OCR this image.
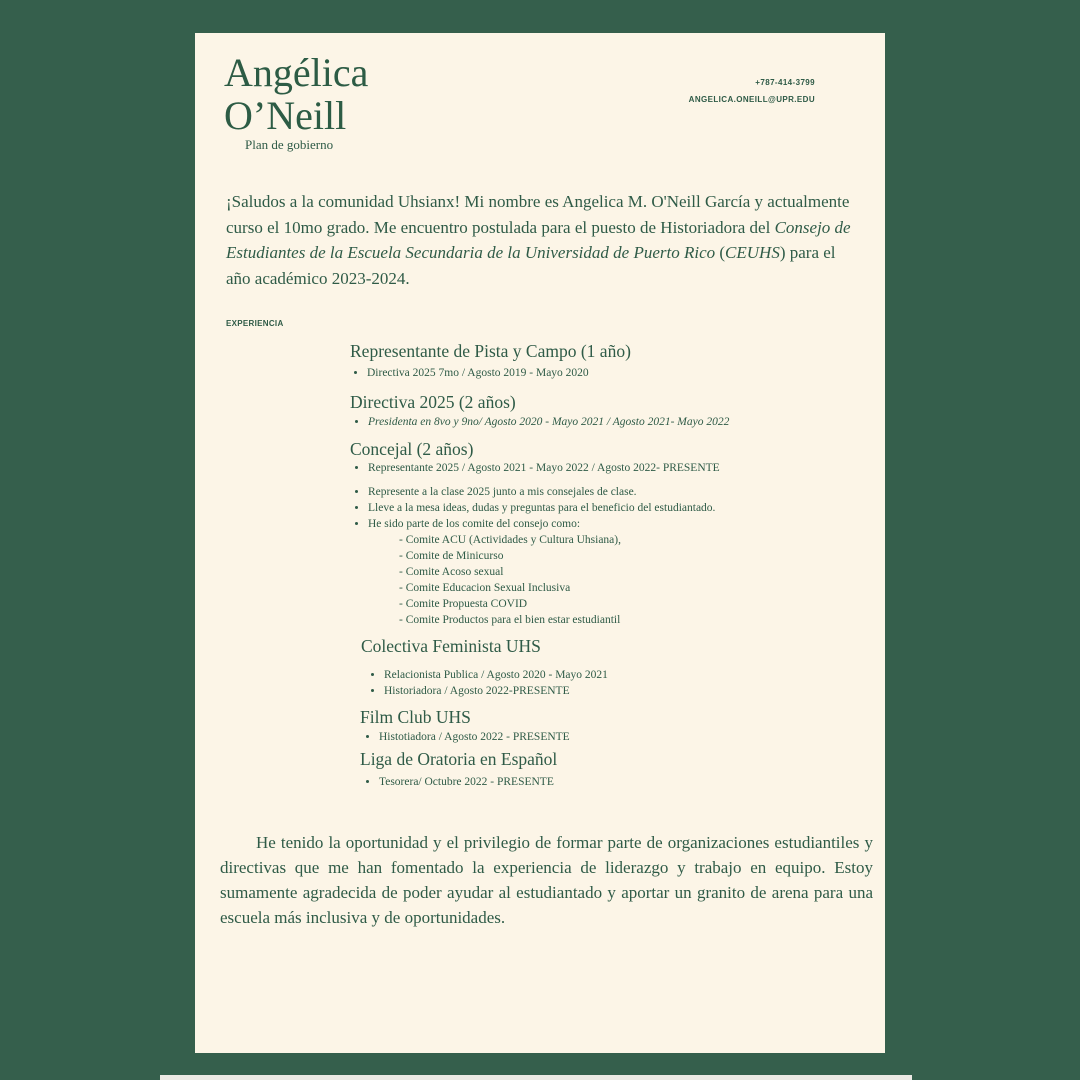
Angélica
O’Neill
Plan de gobierno
+787-414-3799
ANGELICA.ONEILL@UPR.EDU

¡Saludos a la comunidad Uhsianx! Mi nombre es Angelica M. O'Neill García y actualmente curso el 10mo grado. Me encuentro postulada para el puesto de Historiadora del Consejo de Estudiantes de la Escuela Secundaria de la Universidad de Puerto Rico (CEUHS) para el año académico 2023-2024.

EXPERIENCIA
Representante de Pista y Campo (1 año)
• Directiva 2025 7mo / Agosto 2019 - Mayo 2020
Directiva 2025 (2 años)
• Presidenta en 8vo y 9no/ Agosto 2020 - Mayo 2021 / Agosto 2021- Mayo 2022
Concejal (2 años)
• Representante 2025 / Agosto 2021 - Mayo 2022 / Agosto 2022- PRESENTE
• Represente a la clase 2025 junto a mis consejales de clase.
• Lleve a la mesa ideas, dudas y preguntas para el beneficio del estudiantado.
• He sido parte de los comite del consejo como:
- Comite ACU (Actividades y Cultura Uhsiana),
- Comite de Minicurso
- Comite Acoso sexual
- Comite Educacion Sexual Inclusiva
- Comite Propuesta COVID
- Comite Productos para el bien estar estudiantil
Colectiva Feminista UHS
• Relacionista Publica / Agosto 2020 - Mayo 2021
• Historiadora / Agosto 2022-PRESENTE
Film Club UHS
• Histotiadora / Agosto 2022 - PRESENTE
Liga de Oratoria en Español
• Tesorera/ Octubre 2022 - PRESENTE

He tenido la oportunidad y el privilegio de formar parte de organizaciones estudiantiles y directivas que me han fomentado la experiencia de liderazgo y trabajo en equipo. Estoy sumamente agradecida de poder ayudar al estudiantado y aportar un granito de arena para una escuela más inclusiva y de oportunidades.
